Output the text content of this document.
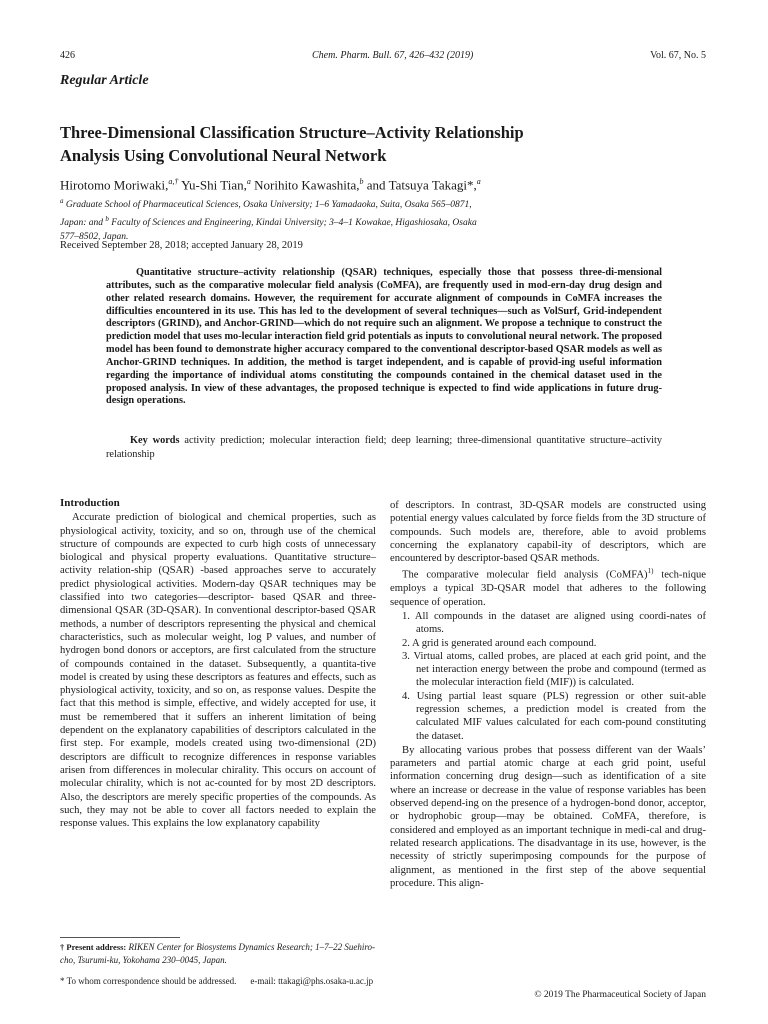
426	Chem. Pharm. Bull. 67, 426–432 (2019)	Vol. 67, No. 5
Regular Article
Three-Dimensional Classification Structure–Activity Relationship
Analysis Using Convolutional Neural Network
Hirotomo Moriwaki,$^{a,\dagger}$ Yu-Shi Tian,$^a$ Norihito Kawashita,$^b$ and Tatsuya Takagi*,$^a$
$^a$ Graduate School of Pharmaceutical Sciences, Osaka University; 1–6 Yamadaoka, Suita, Osaka 565–0871,
Japan: and $^b$ Faculty of Sciences and Engineering, Kindai University; 3–4–1 Kowakae, Higashiosaka, Osaka
577–8502, Japan.
Received September 28, 2018; accepted January 28, 2019

Quantitative structure–activity relationship (QSAR) techniques, especially those that possess three-di-mensional attributes, such as the comparative molecular field analysis (CoMFA), are frequently used in mod-ern-day drug design and other related research domains. However, the requirement for accurate alignment of compounds in CoMFA increases the difficulties encountered in its use. This has led to the development of several techniques—such as VolSurf, Grid-independent descriptors (GRIND), and Anchor-GRIND—which do not require such an alignment. We propose a technique to construct the prediction model that uses mo-lecular interaction field grid potentials as inputs to convolutional neural network. The proposed model has been found to demonstrate higher accuracy compared to the conventional descriptor-based QSAR models as well as Anchor-GRIND techniques. In addition, the method is target independent, and is capable of provid-ing useful information regarding the importance of individual atoms constituting the compounds contained in the chemical dataset used in the proposed analysis. In view of these advantages, the proposed technique is expected to find wide applications in future drug-design operations.

Key words activity prediction; molecular interaction field; deep learning; three-dimensional quantitative structure–activity relationship
Introduction

Accurate prediction of biological and chemical properties, such as physiological activity, toxicity, and so on, through use of the chemical structure of compounds are expected to curb high costs of unnecessary biological and physical property evaluations. Quantitative structure–activity relation-ship (QSAR) -based approaches serve to accurately predict physiological activities. Modern-day QSAR techniques may be classified into two categories—descriptor- based QSAR and three-dimensional QSAR (3D-QSAR). In conventional descriptor-based QSAR methods, a number of descriptors representing the physical and chemical characteristics, such as molecular weight, log P values, and number of hydrogen bond donors or acceptors, are first calculated from the structure of compounds contained in the dataset. Subsequently, a quantita-tive model is created by using these descriptors as features and effects, such as physiological activity, toxicity, and so on, as response values. Despite the fact that this method is simple, effective, and widely accepted for use, it must be remembered that it suffers an inherent limitation of being dependent on the explanatory capabilities of descriptors calculated in the first step. For example, models created using two-dimensional (2D) descriptors are difficult to recognize differences in response variables arisen from differences in molecular chirality. This occurs on account of molecular chirality, which is not ac-counted for by most 2D descriptors. Also, the descriptors are merely specific properties of the compounds. As such, they may not be able to cover all factors needed to explain the response values. This explains the low explanatory capability

of descriptors. In contrast, 3D-QSAR models are constructed using potential energy values calculated by force fields from the 3D structure of compounds. Such models are, therefore, able to avoid problems concerning the explanatory capabil-ity of descriptors, which are encountered by descriptor-based QSAR methods.

The comparative molecular field analysis (CoMFA)$^{1)}$ tech-nique employs a typical 3D-QSAR model that adheres to the following sequence of operation.

1. All compounds in the dataset are aligned using coordi-nates of atoms.
2. A grid is generated around each compound.
3. Virtual atoms, called probes, are placed at each grid point, and the net interaction energy between the probe and compound (termed as the molecular interaction field (MIF)) is calculated.
4. Using partial least square (PLS) regression or other suit-able regression schemes, a prediction model is created from the calculated MIF values calculated for each com-pound constituting the dataset.

By allocating various probes that possess different van der Waals’ parameters and partial atomic charge at each grid point, useful information concerning drug design—such as identification of a site where an increase or decrease in the value of response variables has been observed depend-ing on the presence of a hydrogen-bond donor, acceptor, or hydrophobic group—may be obtained. CoMFA, therefore, is considered and employed as an important technique in medi-cal and drug-related research applications. The disadvantage in its use, however, is the necessity of strictly superimposing compounds for the purpose of alignment, as mentioned in the first step of the above sequential procedure. This align-

† Present address: RIKEN Center for Biosystems Dynamics Research; 1–7–22 Suehiro-cho, Tsurumi-ku, Yokohama 230–0045, Japan.
* To whom correspondence should be addressed. e-mail: ttakagi@phs.osaka-u.ac.jp
© 2019 The Pharmaceutical Society of Japan
